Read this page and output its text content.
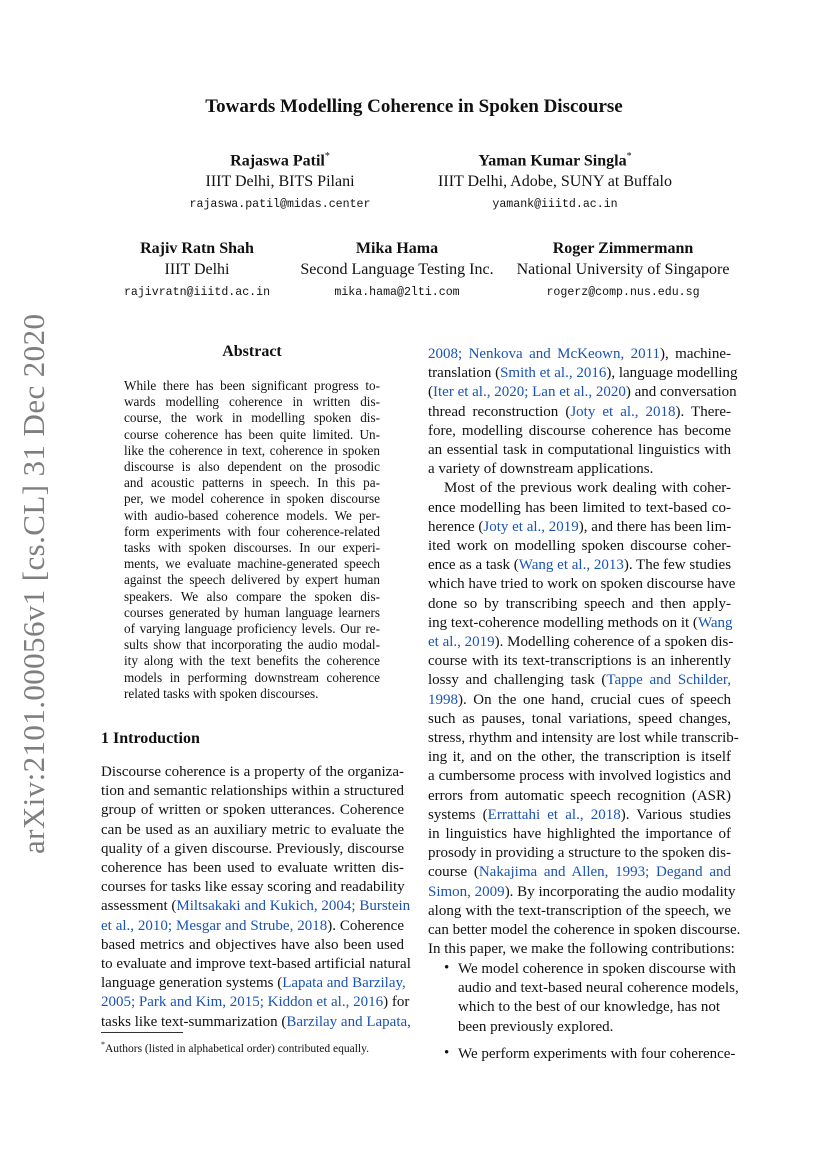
Towards Modelling Coherence in Spoken Discourse
Rajaswa Patil*
IIIT Delhi, BITS Pilani
rajaswa.patil@midas.center
Yaman Kumar Singla*
IIIT Delhi, Adobe, SUNY at Buffalo
yamank@iiitd.ac.in
Rajiv Ratn Shah
IIIT Delhi
rajivratn@iiitd.ac.in
Mika Hama
Second Language Testing Inc.
mika.hama@2lti.com
Roger Zimmermann
National University of Singapore
rogerz@comp.nus.edu.sg
arXiv:2101.00056v1 [cs.CL] 31 Dec 2020	Abstract
While there has been significant progress to-
wards modelling coherence in written dis-
course, the work in modelling spoken dis-
course coherence has been quite limited. Un-
like the coherence in text, coherence in spoken
discourse is also dependent on the prosodic
and acoustic patterns in speech. In this pa-
per, we model coherence in spoken discourse
with audio-based coherence models. We per-
form experiments with four coherence-related
tasks with spoken discourses. In our experi-
ments, we evaluate machine-generated speech
against the speech delivered by expert human
speakers. We also compare the spoken dis-
courses generated by human language learners
of varying language proficiency levels. Our re-
sults show that incorporating the audio modal-
ity along with the text benefits the coherence
models in performing downstream coherence
related tasks with spoken discourses.
1 Introduction
Discourse coherence is a property of the organiza-
tion and semantic relationships within a structured
group of written or spoken utterances. Coherence
can be used as an auxiliary metric to evaluate the
quality of a given discourse. Previously, discourse
coherence has been used to evaluate written dis-
courses for tasks like essay scoring and readability
assessment (Miltsakaki and Kukich, 2004; Burstein
et al., 2010; Mesgar and Strube, 2018). Coherence
based metrics and objectives have also been used
to evaluate and improve text-based artificial natural
language generation systems (Lapata and Barzilay,
2005; Park and Kim, 2015; Kiddon et al., 2016) for
tasks like text-summarization (Barzilay and Lapata,
*Authors (listed in alphabetical order) contributed equally.
2008; Nenkova and McKeown, 2011), machine-
translation (Smith et al., 2016), language modelling
(Iter et al., 2020; Lan et al., 2020) and conversation
thread reconstruction (Joty et al., 2018). There-
fore, modelling discourse coherence has become
an essential task in computational linguistics with
a variety of downstream applications.
Most of the previous work dealing with coher-
ence modelling has been limited to text-based co-
herence (Joty et al., 2019), and there has been lim-
ited work on modelling spoken discourse coher-
ence as a task (Wang et al., 2013). The few studies
which have tried to work on spoken discourse have
done so by transcribing speech and then apply-
ing text-coherence modelling methods on it (Wang
et al., 2019). Modelling coherence of a spoken dis-
course with its text-transcriptions is an inherently
lossy and challenging task (Tappe and Schilder,
1998). On the one hand, crucial cues of speech
such as pauses, tonal variations, speed changes,
stress, rhythm and intensity are lost while transcrib-
ing it, and on the other, the transcription is itself
a cumbersome process with involved logistics and
errors from automatic speech recognition (ASR)
systems (Errattahi et al., 2018). Various studies
in linguistics have highlighted the importance of
prosody in providing a structure to the spoken dis-
course (Nakajima and Allen, 1993; Degand and
Simon, 2009). By incorporating the audio modality
along with the text-transcription of the speech, we
can better model the coherence in spoken discourse.
In this paper, we make the following contributions:
• We model coherence in spoken discourse with
audio and text-based neural coherence models,
which to the best of our knowledge, has not
been previously explored.
• We perform experiments with four coherence-
